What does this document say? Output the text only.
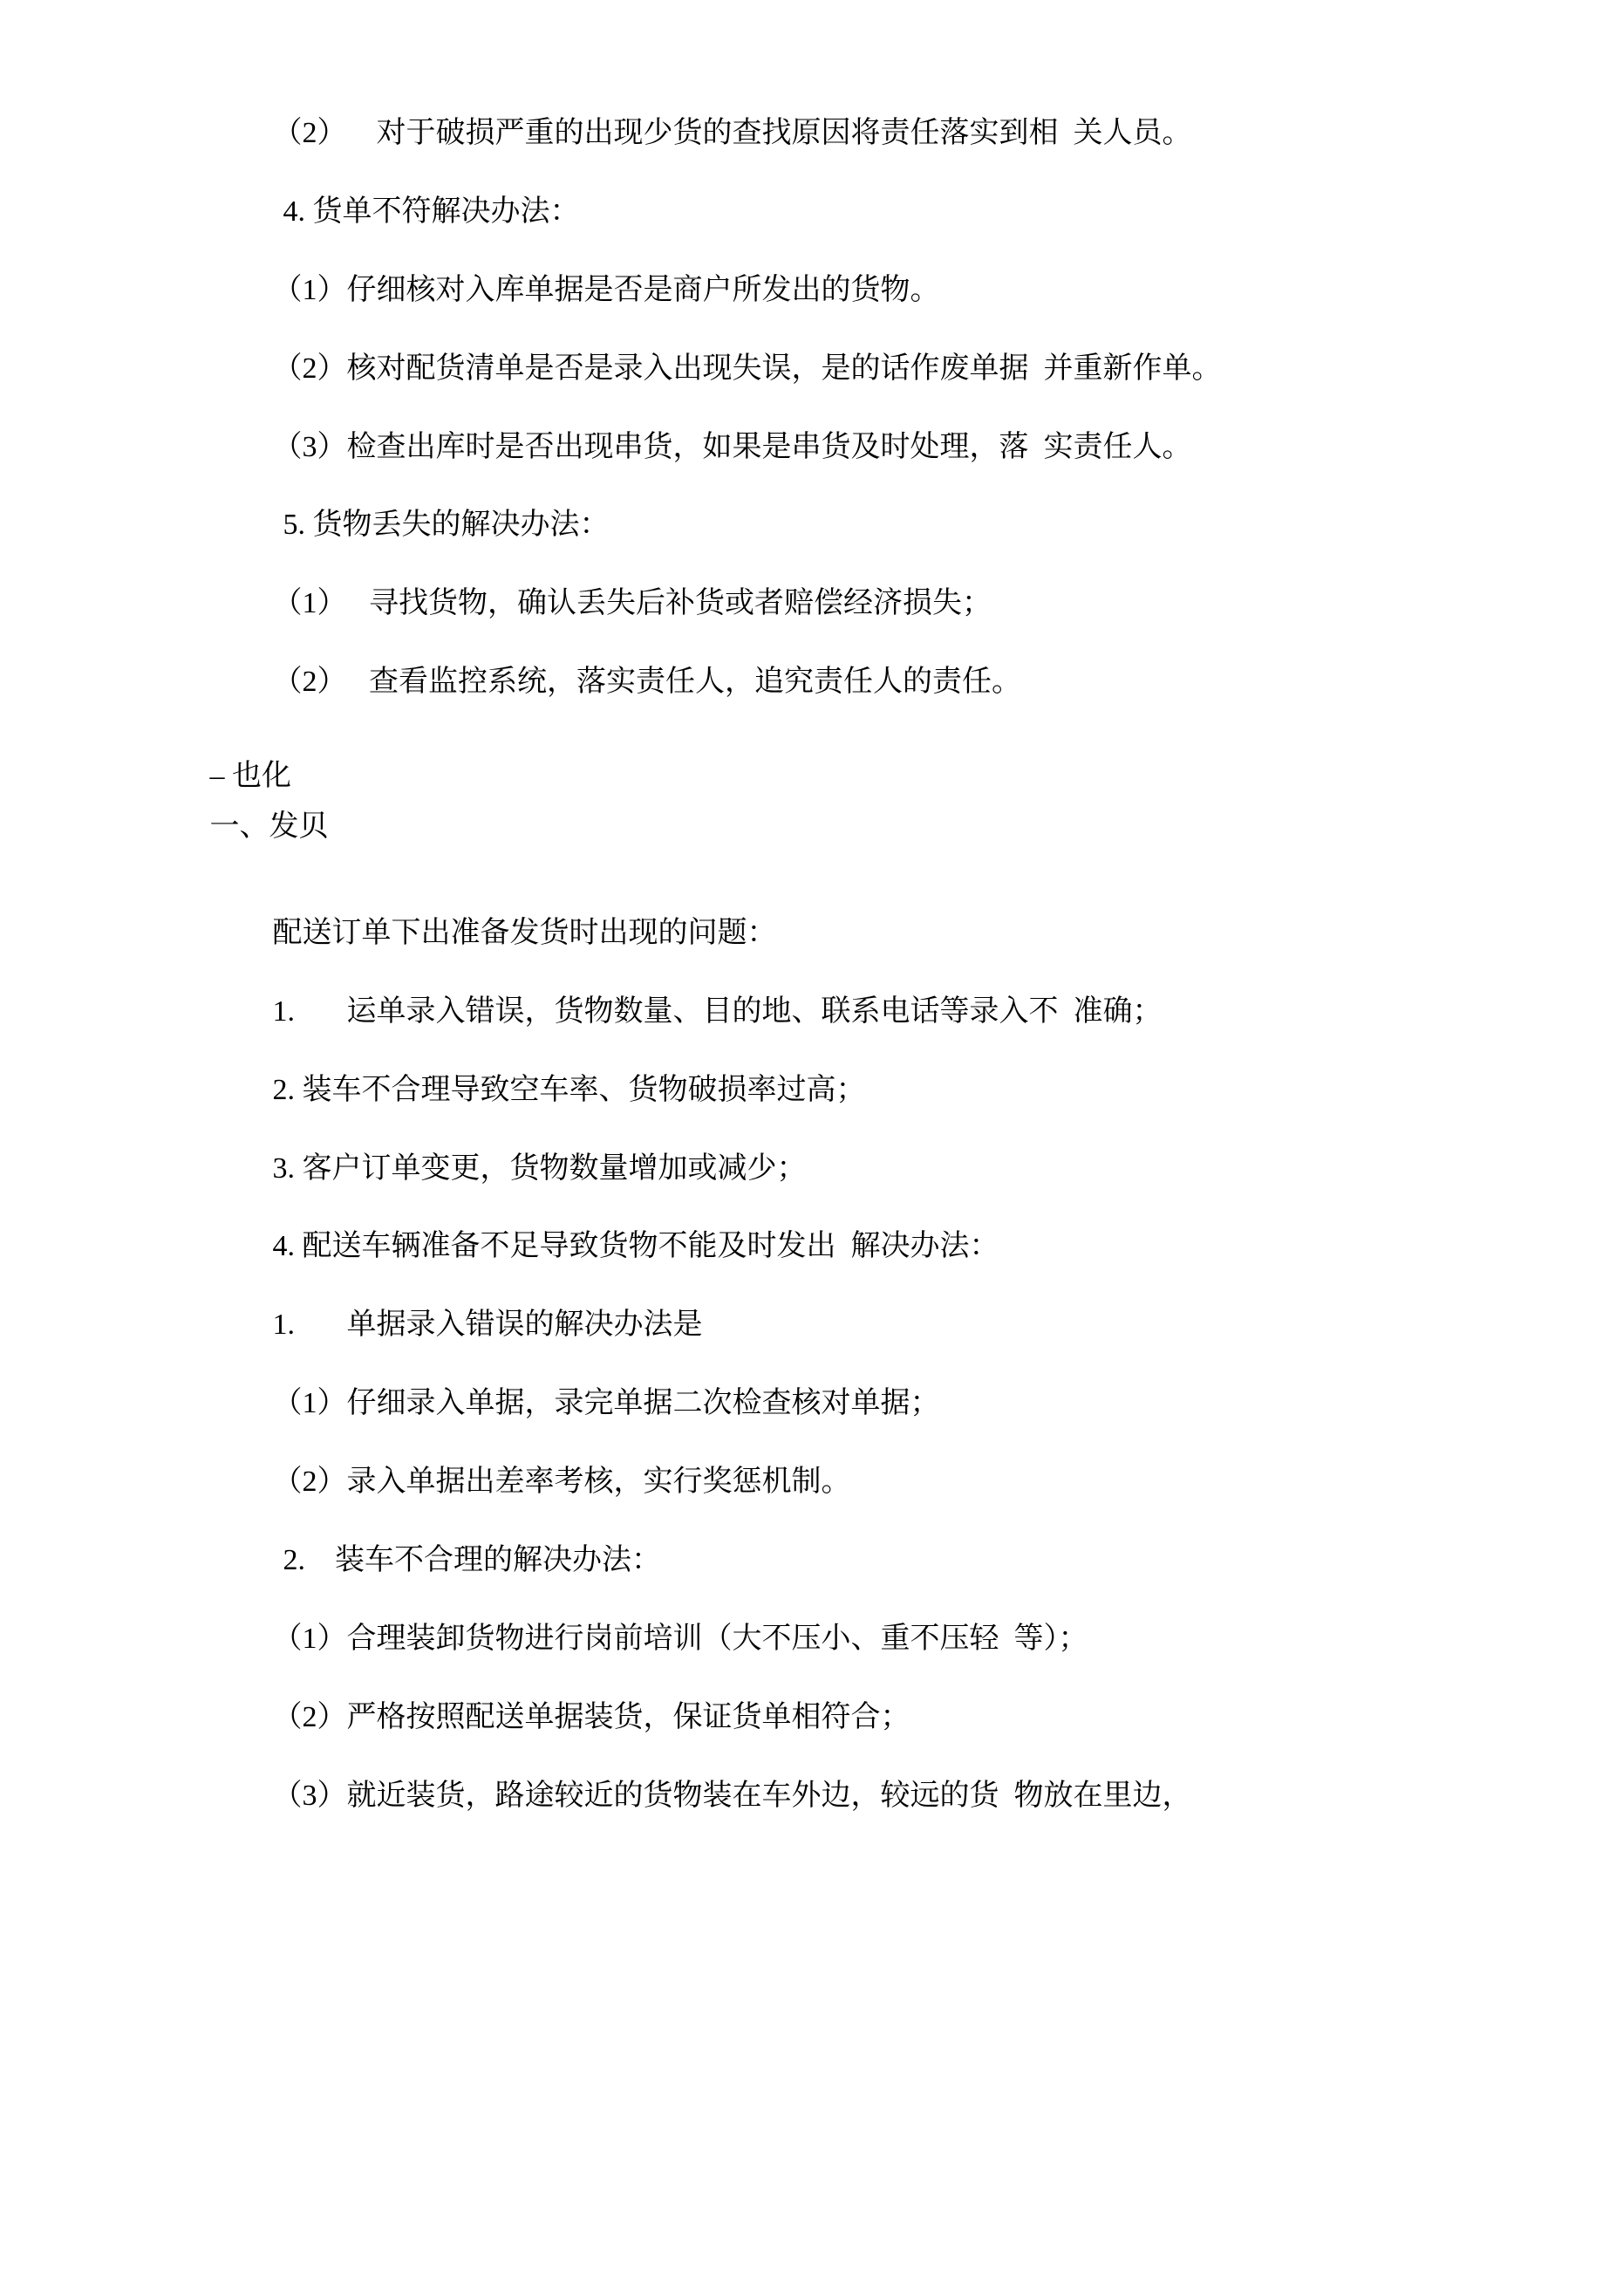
（2）    对于破损严重的出现少货的查找原因将责任落实到相  关人员。

4. 货单不符解决办法：

（1）仔细核对入库单据是否是商户所发出的货物。

（2）核对配货清单是否是录入出现失误，是的话作废单据  并重新作单。

（3）检查出库时是否出现串货，如果是串货及时处理，落  实责任人。

5. 货物丢失的解决办法：

（1）   寻找货物，确认丢失后补货或者赔偿经济损失；

（2）   查看监控系统，落实责任人，追究责任人的责任。

– 也化

一、发贝

配送订单下出准备发货时出现的问题：

1.       运单录入错误，货物数量、目的地、联系电话等录入不  准确；

2. 装车不合理导致空车率、货物破损率过高；

3. 客户订单变更，货物数量增加或减少；

4. 配送车辆准备不足导致货物不能及时发出  解决办法：

1.       单据录入错误的解决办法是

（1）仔细录入单据，录完单据二次检查核对单据；

（2）录入单据出差率考核，实行奖惩机制。

2.    装车不合理的解决办法：

（1）合理装卸货物进行岗前培训（大不压小、重不压轻  等）；

（2）严格按照配送单据装货，保证货单相符合；

（3）就近装货，路途较近的货物装在车外边，较远的货  物放在里边，
